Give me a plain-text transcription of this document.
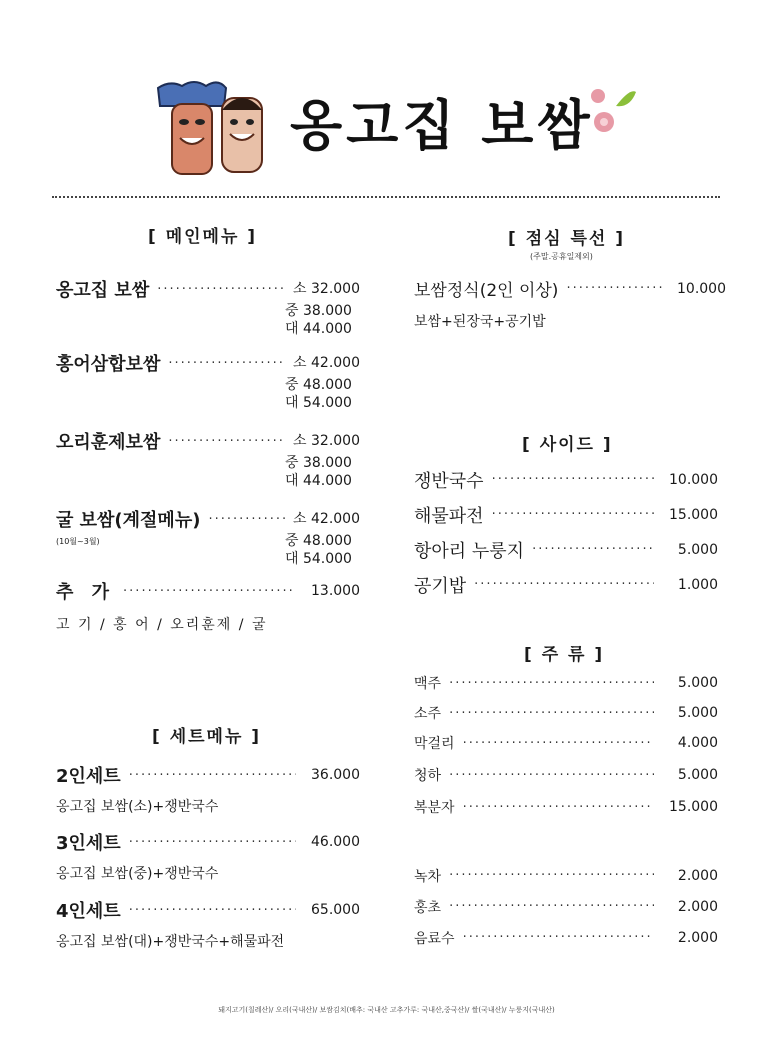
옹고집 보쌈
[ 메인메뉴 ]
옹고집 보쌈 ·····	소 32.000
중 38.000
대 44.000
홍어삼합보쌈 ·····	소 42.000
중 48.000
대 54.000
오리훈제보쌈 ·····	소 32.000
중 38.000
대 44.000
굴 보쌈(계절메뉴) ·····	소 42.000
(10월~3월)	중 48.000
대 54.000
추 가 ·····	13.000
고 기 / 홍 어 / 오리훈제 / 굴
[ 세트메뉴 ]
2인세트 ·····	36.000
옹고집 보쌈(소)+쟁반국수
3인세트 ·····	46.000
옹고집 보쌈(중)+쟁반국수
4인세트 ·····	65.000
옹고집 보쌈(대)+쟁반국수+해물파전
[ 점심 특선 ]
(주말.공휴일제외)
보쌈정식(2인 이상) ·····	10.000
보쌈+된장국+공기밥
[ 사이드 ]
쟁반국수 ·····	10.000
해물파전 ·····	15.000
항아리 누룽지 ·····	5.000
공기밥 ·····	1.000
[ 주 류 ]
맥주 ·····	5.000
소주 ·····	5.000
막걸리 ·····	4.000
청하 ·····	5.000
복분자 ·····	15.000
녹차 ·····	2.000
홍초 ·····	2.000
음료수 ·····	2.000
돼지고기(칠레산)/ 오리(국내산)/ 보쌈김치(배추: 국내산 고추가루: 국내산,중국산)/ 쌀(국내산)/ 누룽지(국내산)
